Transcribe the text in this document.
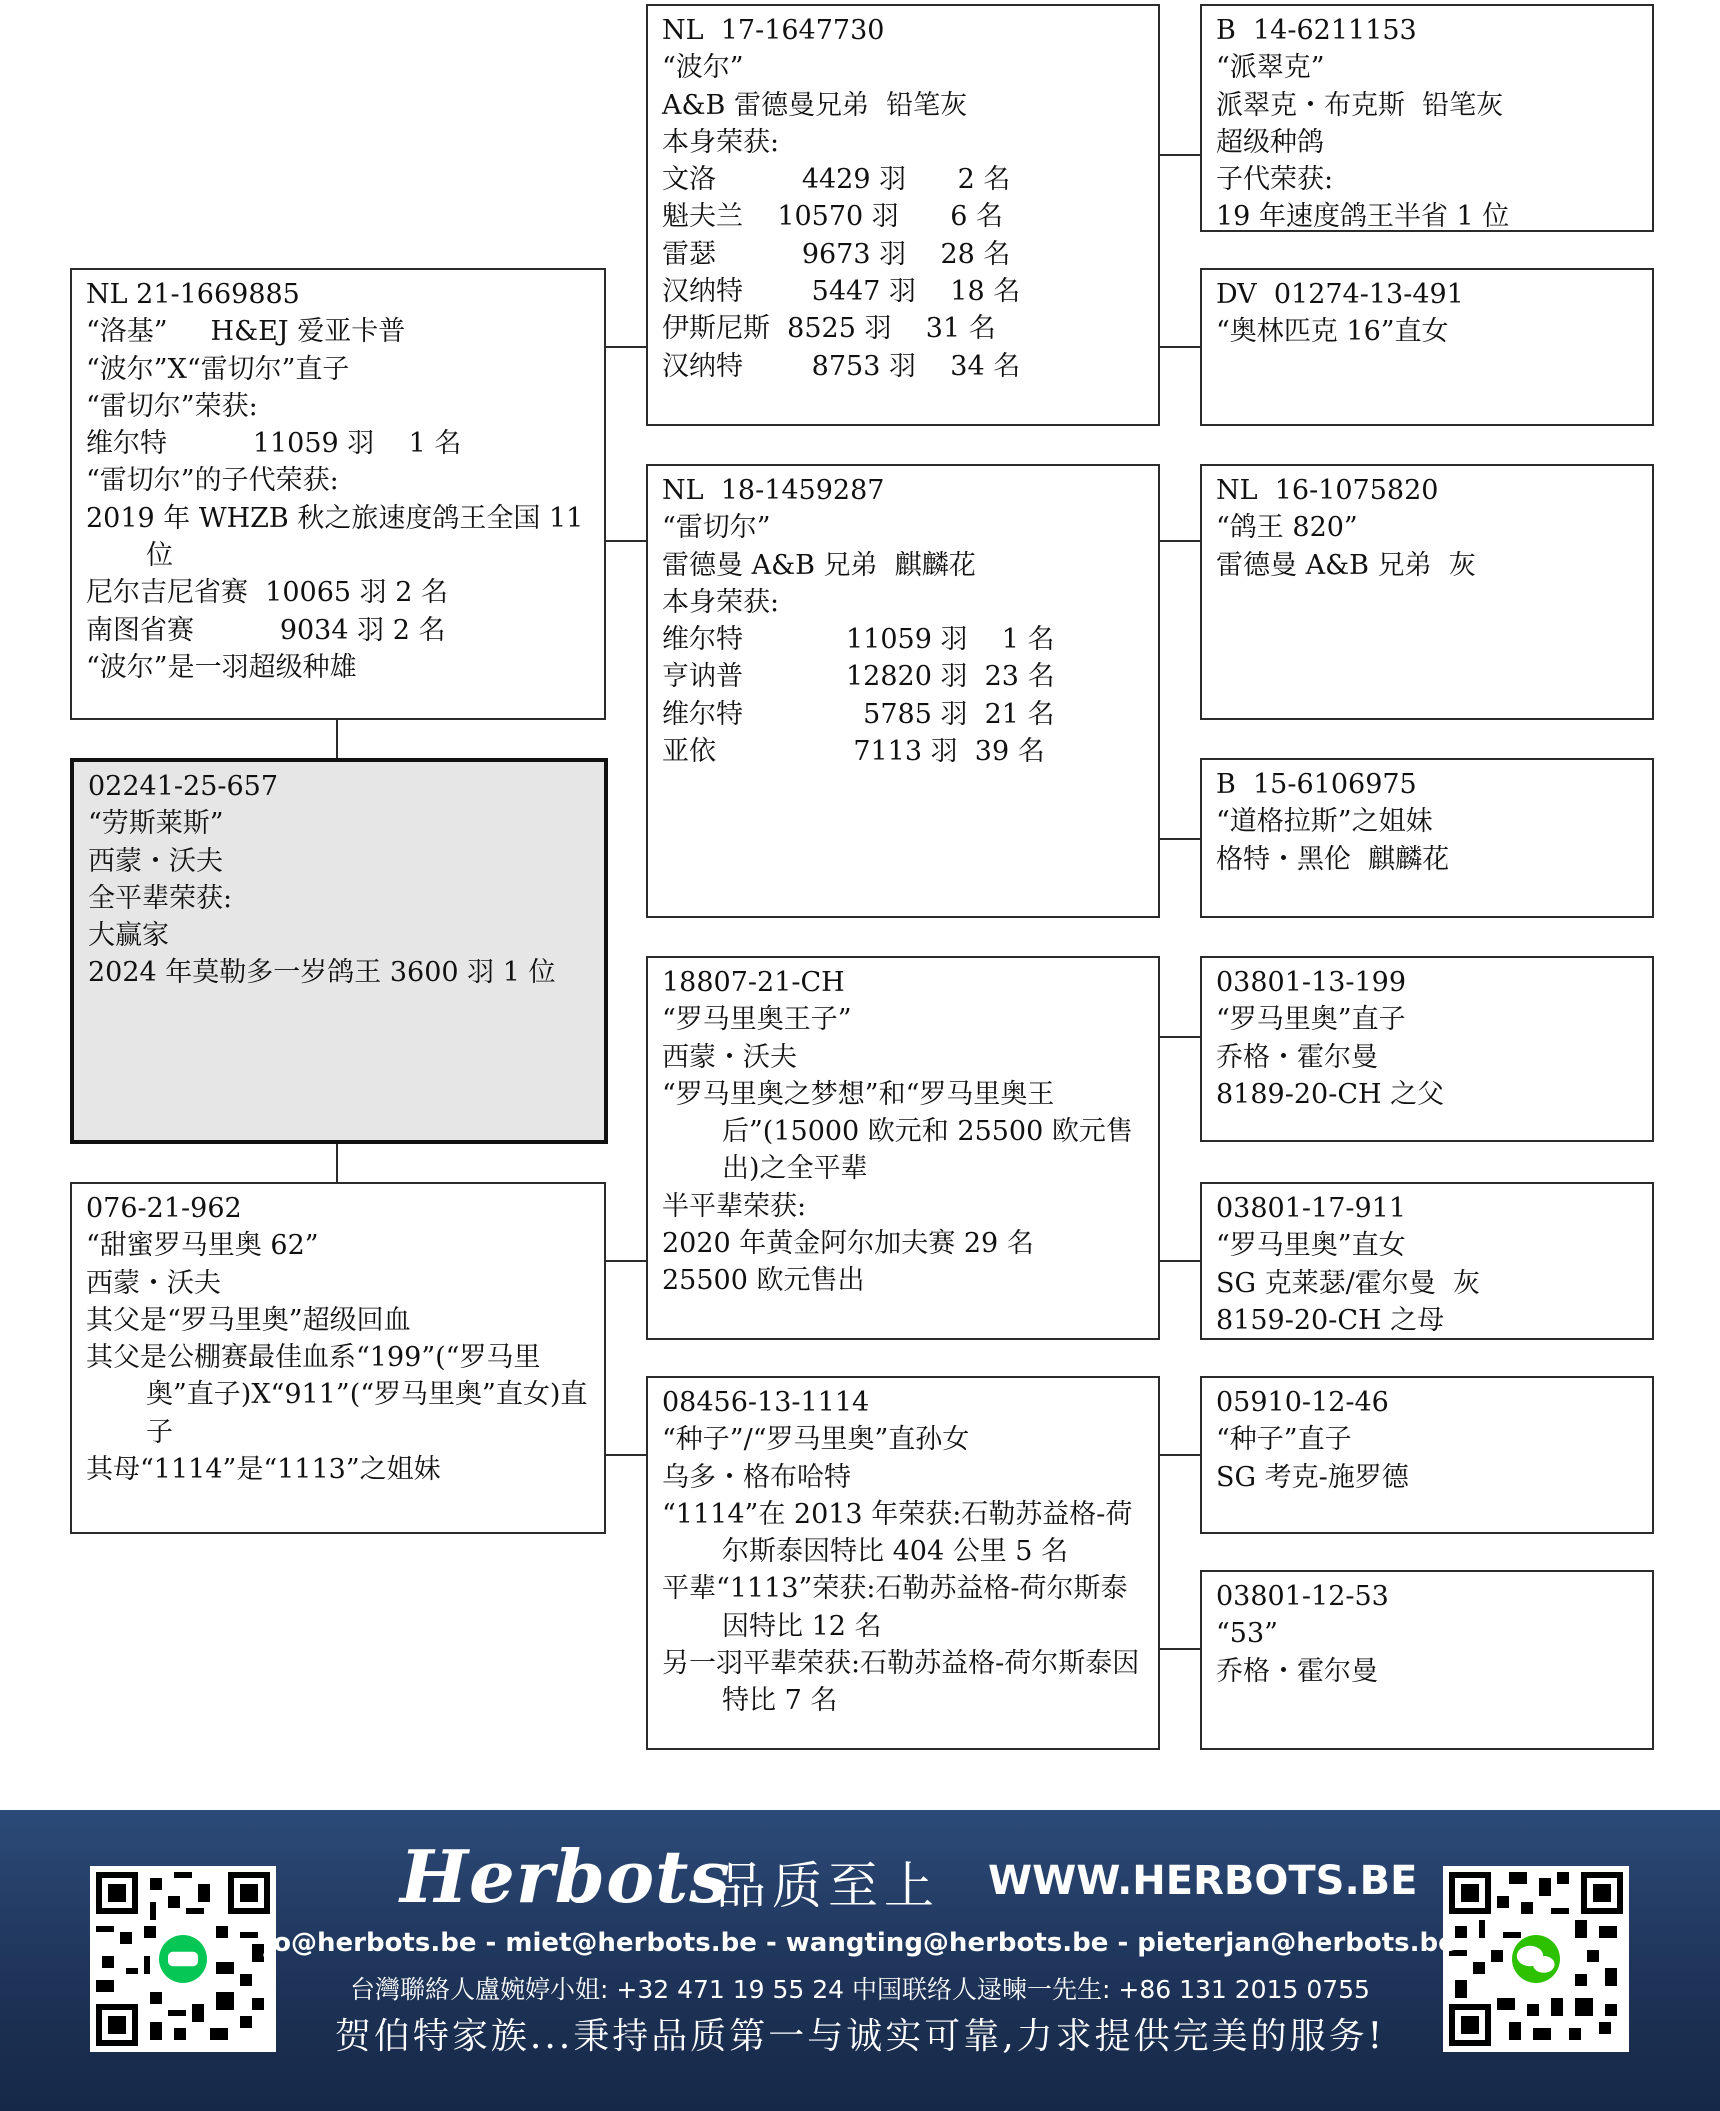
NL 21-1669885
“洛基”     H&EJ 爱亚卡普
“波尔”X“雷切尔”直子
“雷切尔”荣获:
维尔特          11059 羽    1 名
“雷切尔”的子代荣获:
2019 年 WHZB 秋之旅速度鸽王全国 11 位
尼尔吉尼省赛  10065 羽 2 名
南图省赛          9034 羽 2 名
“波尔”是一羽超级种雄
02241-25-657
“劳斯莱斯”
西蒙・沃夫
全平辈荣获:
大赢家
2024 年莫勒多一岁鸽王 3600 羽 1 位
076-21-962
“甜蜜罗马里奥 62”
西蒙・沃夫
其父是“罗马里奥”超级回血
其父是公棚赛最佳血系“199”(“罗马里奥”直子)X“911”(“罗马里奥”直女)直子
其母“1114”是“1113”之姐妹
NL  17-1647730
“波尔”
A&B 雷德曼兄弟  铅笔灰
本身荣获:
文洛          4429 羽      2 名
魁夫兰    10570 羽      6 名
雷瑟          9673 羽    28 名
汉纳特        5447 羽    18 名
伊斯尼斯  8525 羽    31 名
汉纳特        8753 羽    34 名
NL  18-1459287
“雷切尔”
雷德曼 A&B 兄弟  麒麟花
本身荣获:
维尔特            11059 羽    1 名
亨讷普            12820 羽  23 名
维尔特              5785 羽  21 名
亚依                7113 羽  39 名
18807-21-CH
“罗马里奥王子”
西蒙・沃夫
“罗马里奥之梦想”和“罗马里奥王后”(15000 欧元和 25500 欧元售出)之全平辈
半平辈荣获:
2020 年黄金阿尔加夫赛 29 名
25500 欧元售出
08456-13-1114
“种子”/“罗马里奥”直孙女
乌多・格布哈特
“1114”在 2013 年荣获:石勒苏益格-荷尔斯泰因特比 404 公里 5 名
平辈“1113”荣获:石勒苏益格-荷尔斯泰因特比 12 名
另一羽平辈荣获:石勒苏益格-荷尔斯泰因特比 7 名
B  14-6211153
“派翠克”
派翠克・布克斯  铅笔灰
超级种鸽
子代荣获:
19 年速度鸽王半省 1 位
DV  01274-13-491
“奥林匹克 16”直女
NL  16-1075820
“鸽王 820”
雷德曼 A&B 兄弟  灰
B  15-6106975
“道格拉斯”之姐妹
格特・黑伦  麒麟花
03801-13-199
“罗马里奥”直子
乔格・霍尔曼
8189-20-CH 之父
03801-17-911
“罗马里奥”直女
SG 克莱瑟/霍尔曼  灰
8159-20-CH 之母
05910-12-46
“种子”直子
SG 考克-施罗德
03801-12-53
“53”
乔格・霍尔曼
Herbots
品质至上 WWW.HERBOTS.BE
jo@herbots.be - miet@herbots.be - wangting@herbots.be - pieterjan@herbots.be
台灣聯絡人盧婉婷小姐: +32 471 19 55 24 中国联络人逯暕一先生: +86 131 2015 0755
贺伯特家族...秉持品质第一与诚实可靠,力求提供完美的服务!
